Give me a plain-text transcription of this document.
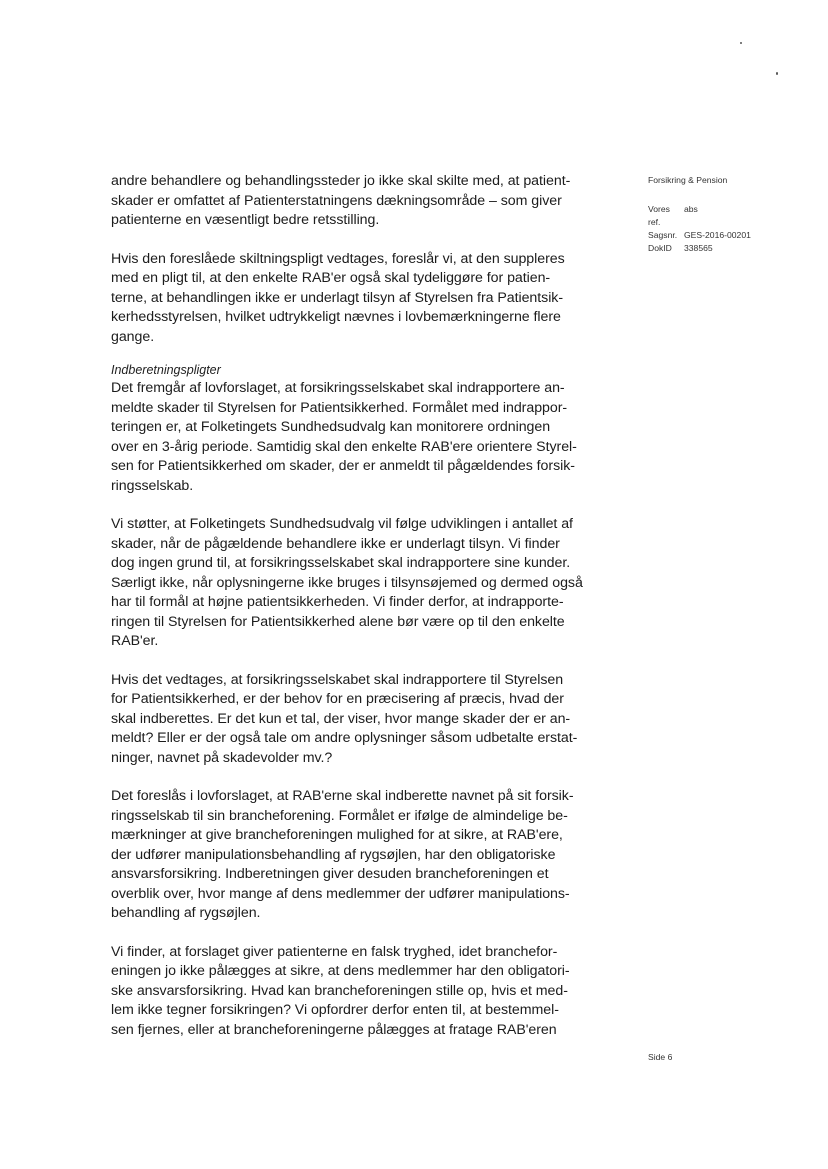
andre behandlere og behandlingssteder jo ikke skal skilte med, at patient-
skader er omfattet af Patienterstatningens dækningsområde – som giver
patienterne en væsentligt bedre retsstilling.

Hvis den foreslåede skiltningspligt vedtages, foreslår vi, at den suppleres
med en pligt til, at den enkelte RAB'er også skal tydeliggøre for patien-
terne, at behandlingen ikke er underlagt tilsyn af Styrelsen fra Patientsik-
kerhedsstyrelsen, hvilket udtrykkeligt nævnes i lovbemærkningerne flere
gange.

Indberetningspligter

Det fremgår af lovforslaget, at forsikringsselskabet skal indrapportere an-
meldte skader til Styrelsen for Patientsikkerhed. Formålet med indrappor-
teringen er, at Folketingets Sundhedsudvalg kan monitorere ordningen
over en 3-årig periode. Samtidig skal den enkelte RAB'ere orientere Styrel-
sen for Patientsikkerhed om skader, der er anmeldt til pågældendes forsik-
ringsselskab.

Vi støtter, at Folketingets Sundhedsudvalg vil følge udviklingen i antallet af
skader, når de pågældende behandlere ikke er underlagt tilsyn. Vi finder
dog ingen grund til, at forsikringsselskabet skal indrapportere sine kunder.
Særligt ikke, når oplysningerne ikke bruges i tilsynsøjemed og dermed også
har til formål at højne patientsikkerheden. Vi finder derfor, at indrapporte-
ringen til Styrelsen for Patientsikkerhed alene bør være op til den enkelte
RAB'er.

Hvis det vedtages, at forsikringsselskabet skal indrapportere til Styrelsen
for Patientsikkerhed, er der behov for en præcisering af præcis, hvad der
skal indberettes. Er det kun et tal, der viser, hvor mange skader der er an-
meldt? Eller er der også tale om andre oplysninger såsom udbetalte erstat-
ninger, navnet på skadevolder mv.?

Det foreslås i lovforslaget, at RAB'erne skal indberette navnet på sit forsik-
ringsselskab til sin brancheforening. Formålet er ifølge de almindelige be-
mærkninger at give brancheforeningen mulighed for at sikre, at RAB'ere,
der udfører manipulationsbehandling af rygsøjlen, har den obligatoriske
ansvarsforsikring. Indberetningen giver desuden brancheforeningen et
overblik over, hvor mange af dens medlemmer der udfører manipulations-
behandling af rygsøjlen.

Vi finder, at forslaget giver patienterne en falsk tryghed, idet branchefor-
eningen jo ikke pålægges at sikre, at dens medlemmer har den obligatori-
ske ansvarsforsikring. Hvad kan brancheforeningen stille op, hvis et med-
lem ikke tegner forsikringen? Vi opfordrer derfor enten til, at bestemmel-
sen fjernes, eller at brancheforeningerne pålægges at fratage RAB'eren

Forsikring & Pension
Vores ref.
abs
Sagsnr. GES-2016-00201
DokID	338565
Side 6
